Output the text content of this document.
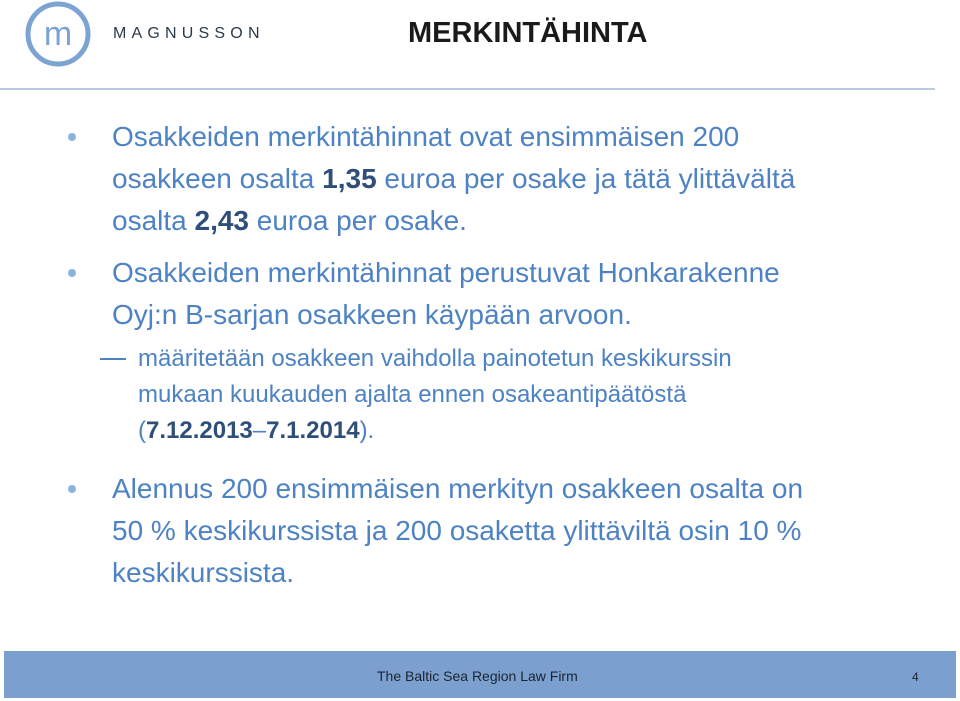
m	MAGNUSSON	MERKINTÄHINTA
Osakkeiden merkintähinnat ovat ensimmäisen 200
osakkeen osalta 1,35 euroa per osake ja tätä ylittävältä
osalta 2,43 euroa per osake.
Osakkeiden merkintähinnat perustuvat Honkarakenne
Oyj:n B-sarjan osakkeen käypään arvoon.
määritetään osakkeen vaihdolla painotetun keskikurssin
mukaan kuukauden ajalta ennen osakeantipäätöstä
(7.12.2013–7.1.2014).
Alennus 200 ensimmäisen merkityn osakkeen osalta on
50 % keskikurssista ja 200 osaketta ylittäviltä osin 10 %
keskikurssista.
The Baltic Sea Region Law Firm	4
